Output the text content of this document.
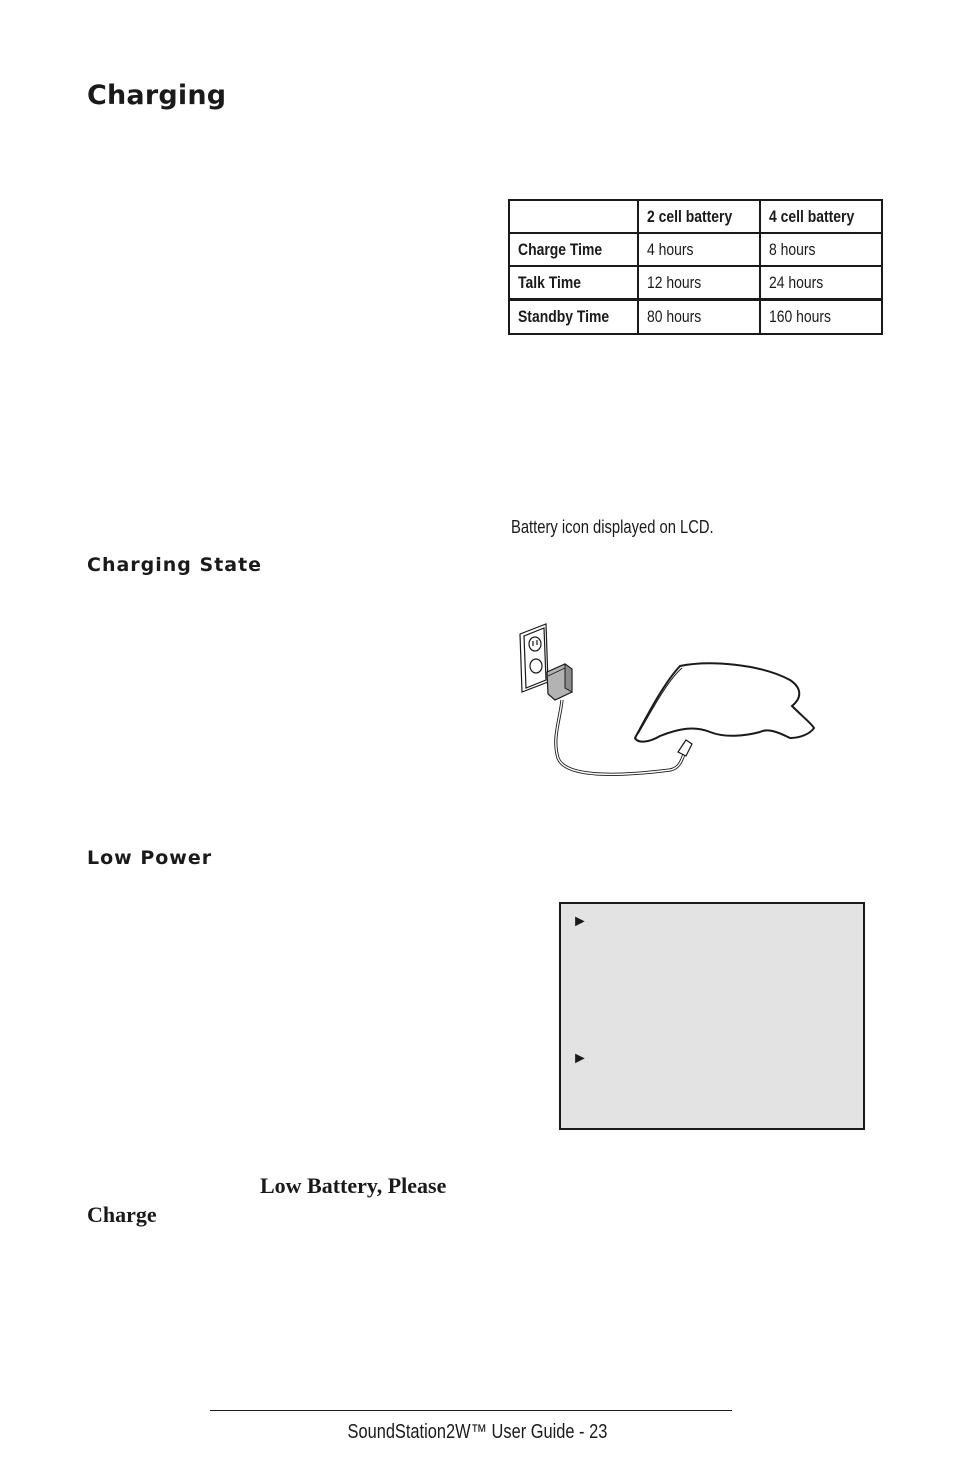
Charging
	2 cell battery	4 cell battery
Charge Time	4 hours	8 hours
Talk Time	12 hours	24 hours
Standby Time	80 hours	160 hours
Battery icon displayed on LCD.
Charging State
Low Power
►
►
Low Battery, Please
Charge
SoundStation2W™ User Guide - 23
